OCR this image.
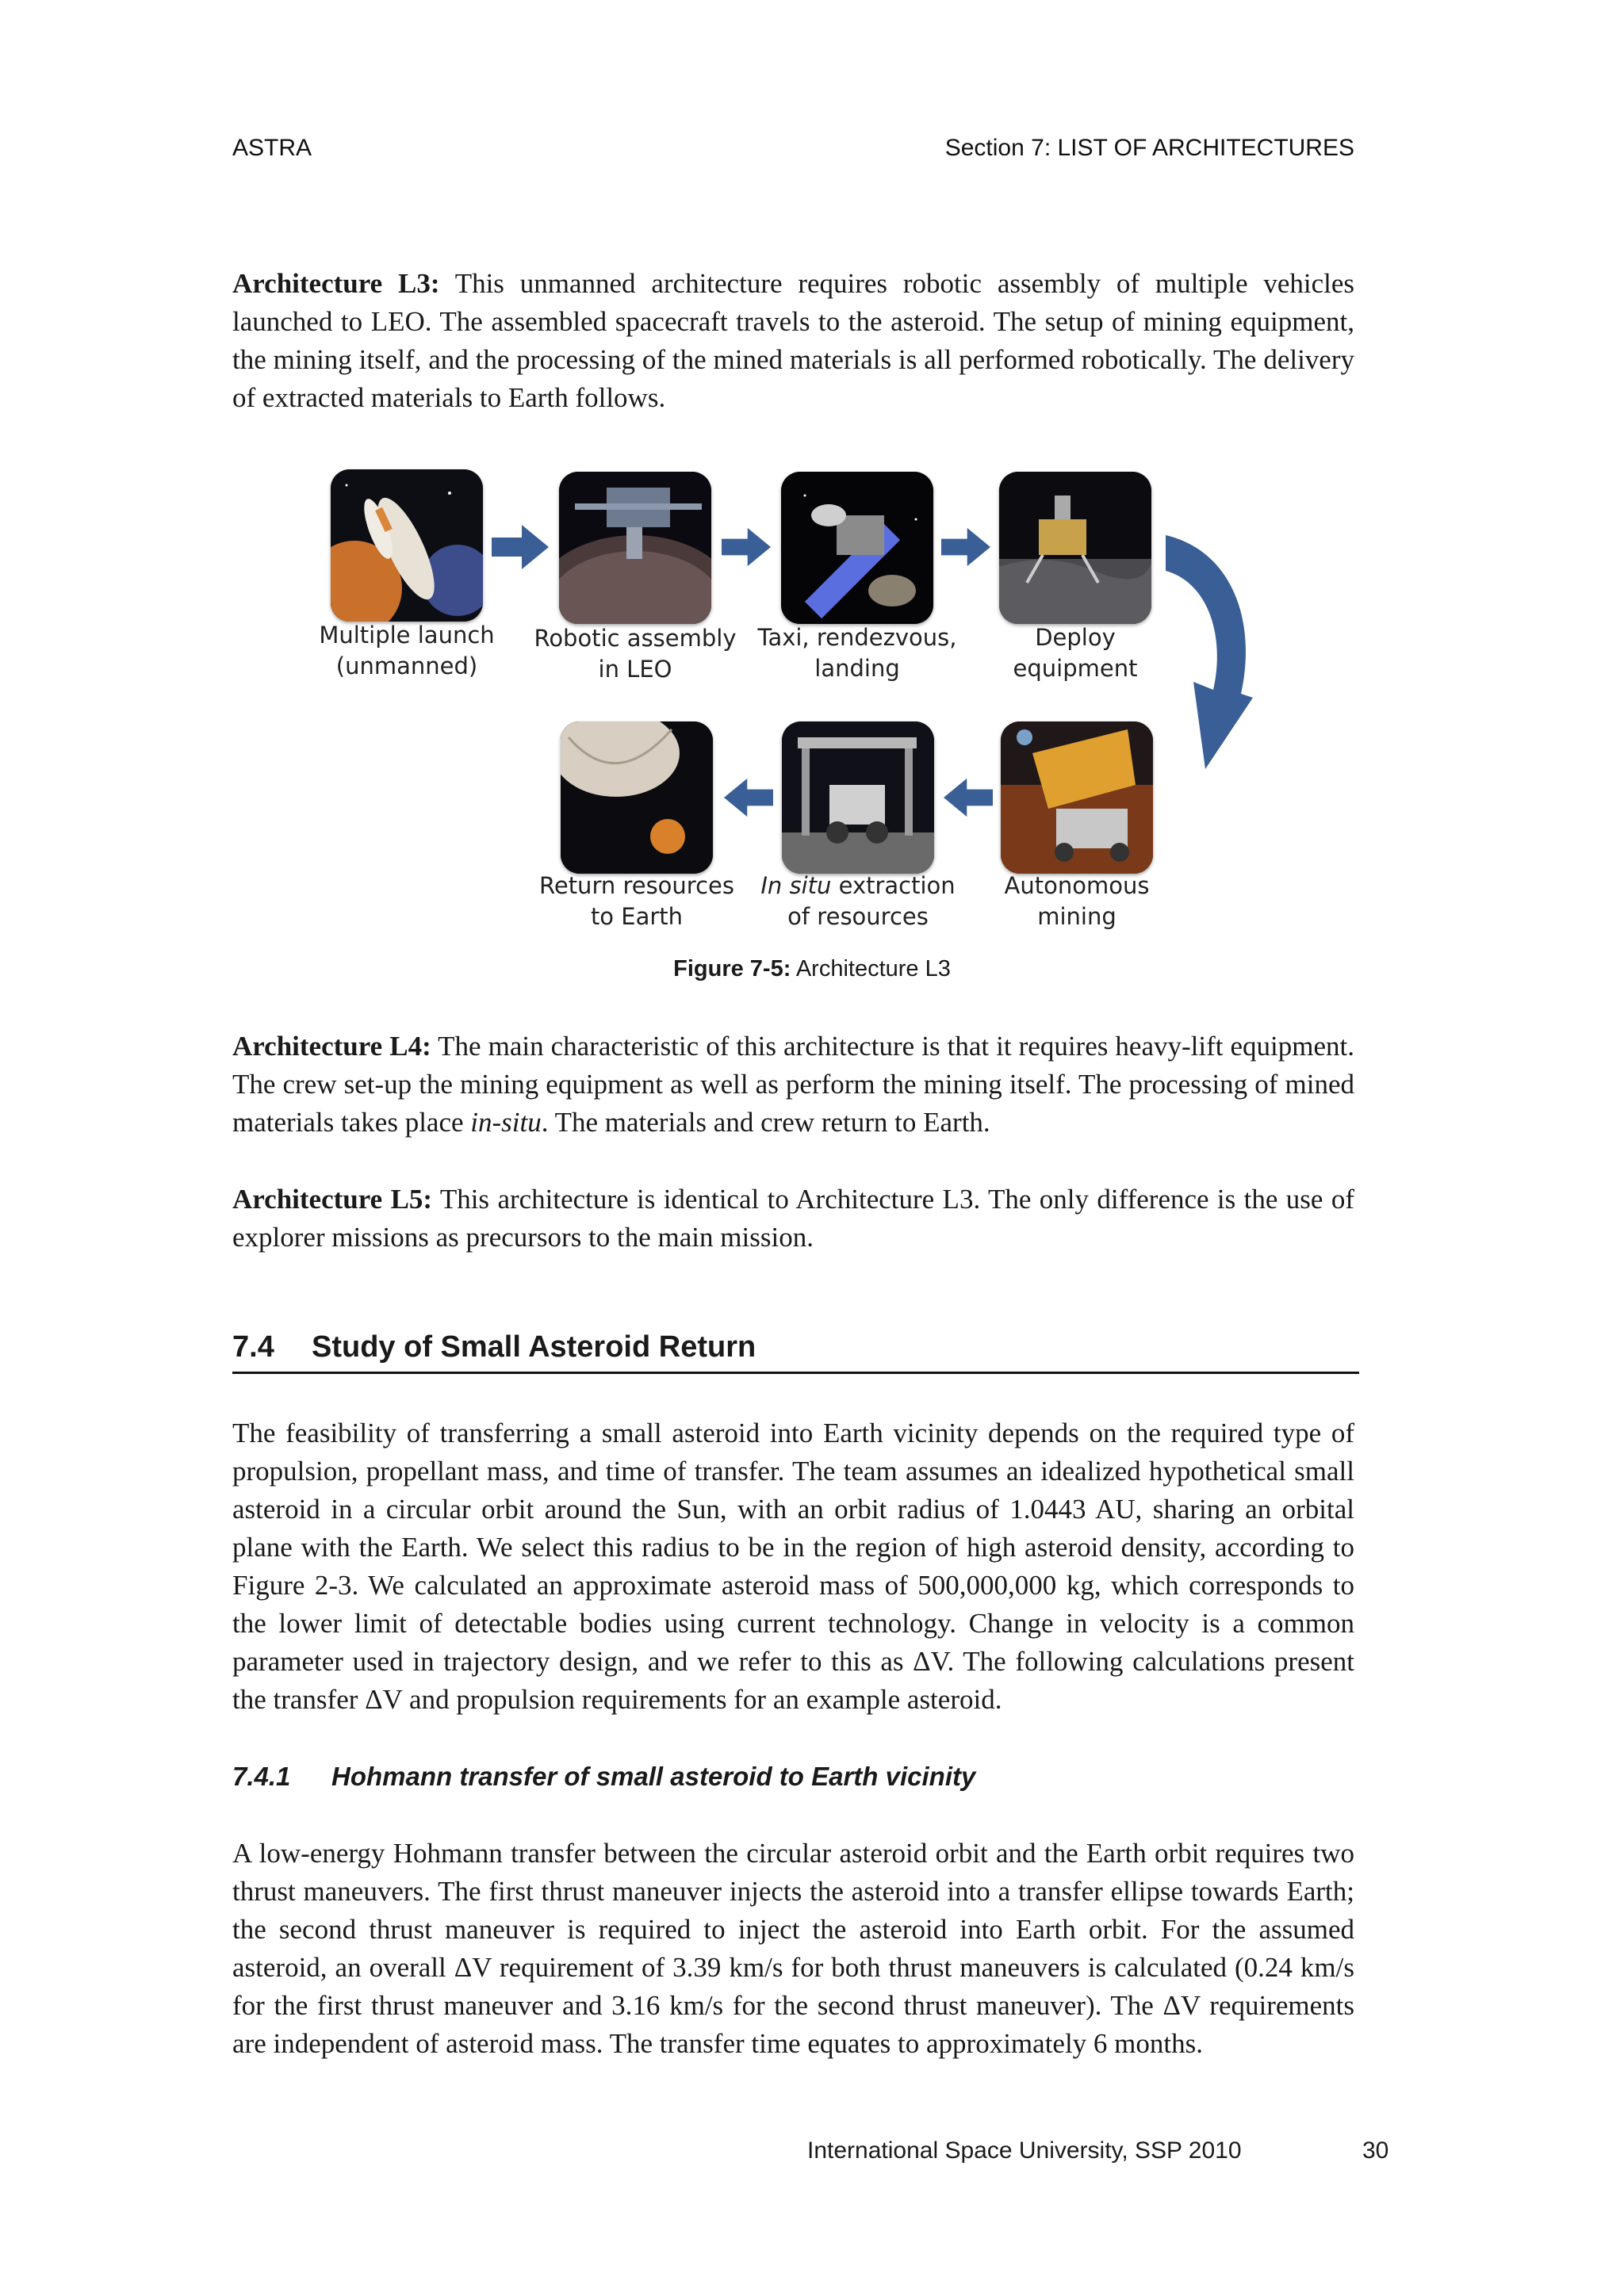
ASTRA	Section 7: LIST OF ARCHITECTURES

Architecture L3: This unmanned architecture requires robotic assembly of multiple vehicles launched to LEO. The assembled spacecraft travels to the asteroid. The setup of mining equipment, the mining itself, and the processing of the mined materials is all performed robotically. The delivery of extracted materials to Earth follows.

Multiple launch
(unmanned)
Robotic assembly
in LEO
Taxi, rendezvous,
landing
Deploy
equipment
Return resources
to Earth
In situ extraction
of resources
Autonomous
mining
Figure 7-5: Architecture L3

Architecture L4: The main characteristic of this architecture is that it requires heavy-lift equipment. The crew set-up the mining equipment as well as perform the mining itself. The processing of mined materials takes place in-situ. The materials and crew return to Earth.

Architecture L5: This architecture is identical to Architecture L3. The only difference is the use of explorer missions as precursors to the main mission.

7.4 Study of Small Asteroid Return

The feasibility of transferring a small asteroid into Earth vicinity depends on the required type of propulsion, propellant mass, and time of transfer. The team assumes an idealized hypothetical small asteroid in a circular orbit around the Sun, with an orbit radius of 1.0443 AU, sharing an orbital plane with the Earth. We select this radius to be in the region of high asteroid density, according to Figure 2-3. We calculated an approximate asteroid mass of 500,000,000 kg, which corresponds to the lower limit of detectable bodies using current technology. Change in velocity is a common parameter used in trajectory design, and we refer to this as ΔV. The following calculations present the transfer ΔV and propulsion requirements for an example asteroid.

7.4.1 Hohmann transfer of small asteroid to Earth vicinity

A low-energy Hohmann transfer between the circular asteroid orbit and the Earth orbit requires two thrust maneuvers. The first thrust maneuver injects the asteroid into a transfer ellipse towards Earth; the second thrust maneuver is required to inject the asteroid into Earth orbit. For the assumed asteroid, an overall ΔV requirement of 3.39 km/s for both thrust maneuvers is calculated (0.24 km/s for the first thrust maneuver and 3.16 km/s for the second thrust maneuver). The ΔV requirements are independent of asteroid mass. The transfer time equates to approximately 6 months.

International Space University, SSP 2010	30
